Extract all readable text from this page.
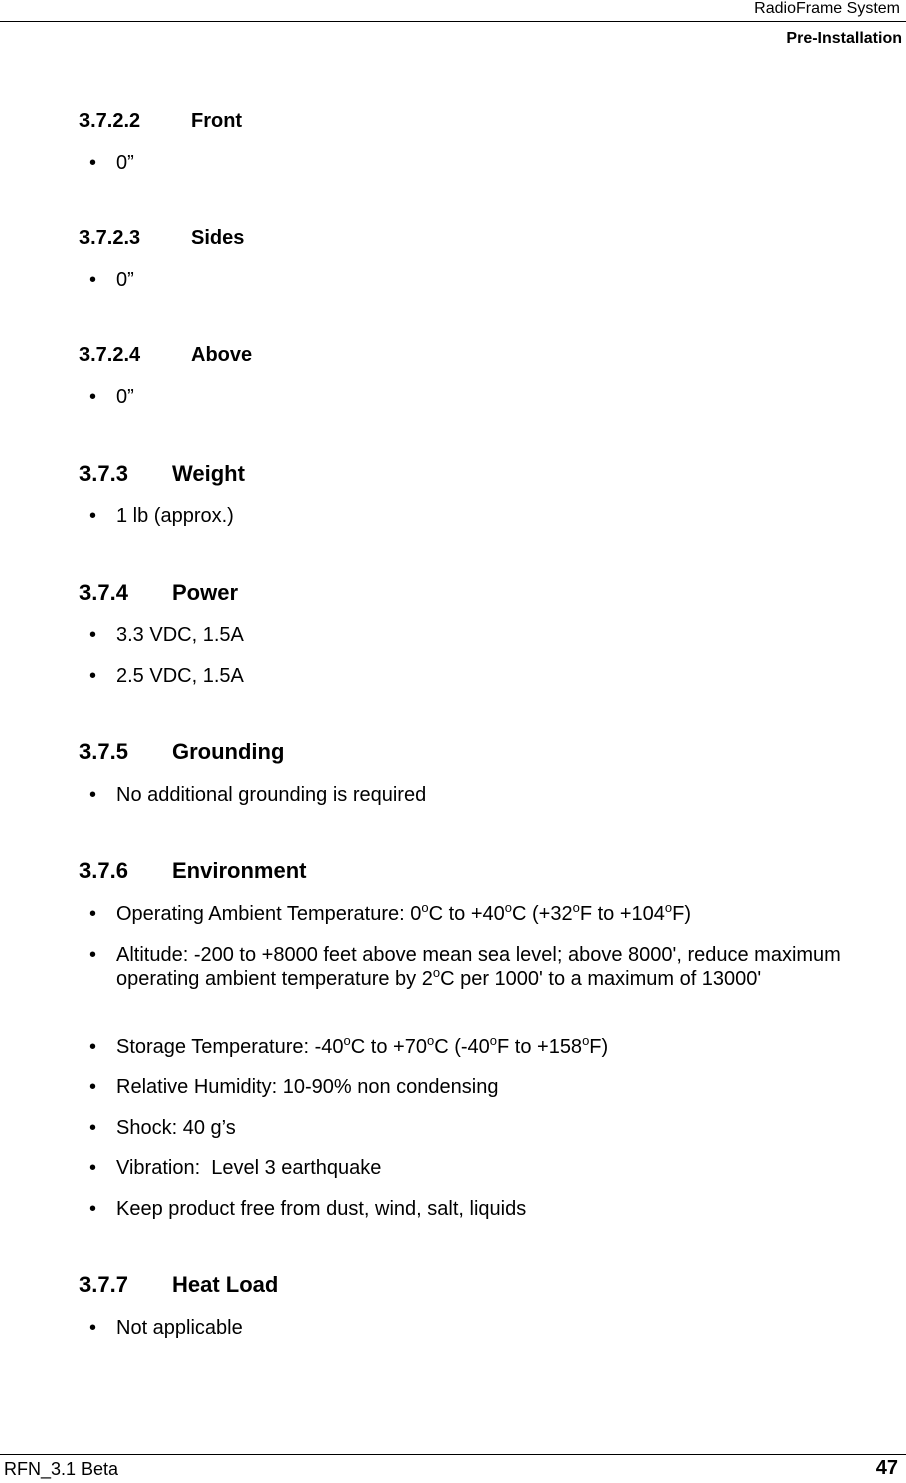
RadioFrame System
Pre-Installation
3.7.2.2	Front
• 0”
3.7.2.3	Sides
• 0”
3.7.2.4	Above
• 0”
3.7.3 Weight
• 1 lb (approx.)
3.7.4 Power
• 3.3 VDC, 1.5A
• 2.5 VDC, 1.5A
3.7.5 Grounding
• No additional grounding is required
3.7.6 Environment
• Operating Ambient Temperature: 0$^o$C to $+40^oC$ ($+32^oF$ to $+104^oF$)
• Altitude: -200 to +8000 feet above mean sea level; above 8000', reduce maximum operating ambient temperature by 2$^o$C per 1000' to a maximum of 13000'
• Storage Temperature: -40$^o$C to $+70^oC$ (-40$^o$F to $+158^oF$)
• Relative Humidity: 10-90% non condensing
• Shock: 40 g’s
• Vibration:  Level 3 earthquake
• Keep product free from dust, wind, salt, liquids
3.7.7 Heat Load
• Not applicable
RFN_3.1 Beta	47
